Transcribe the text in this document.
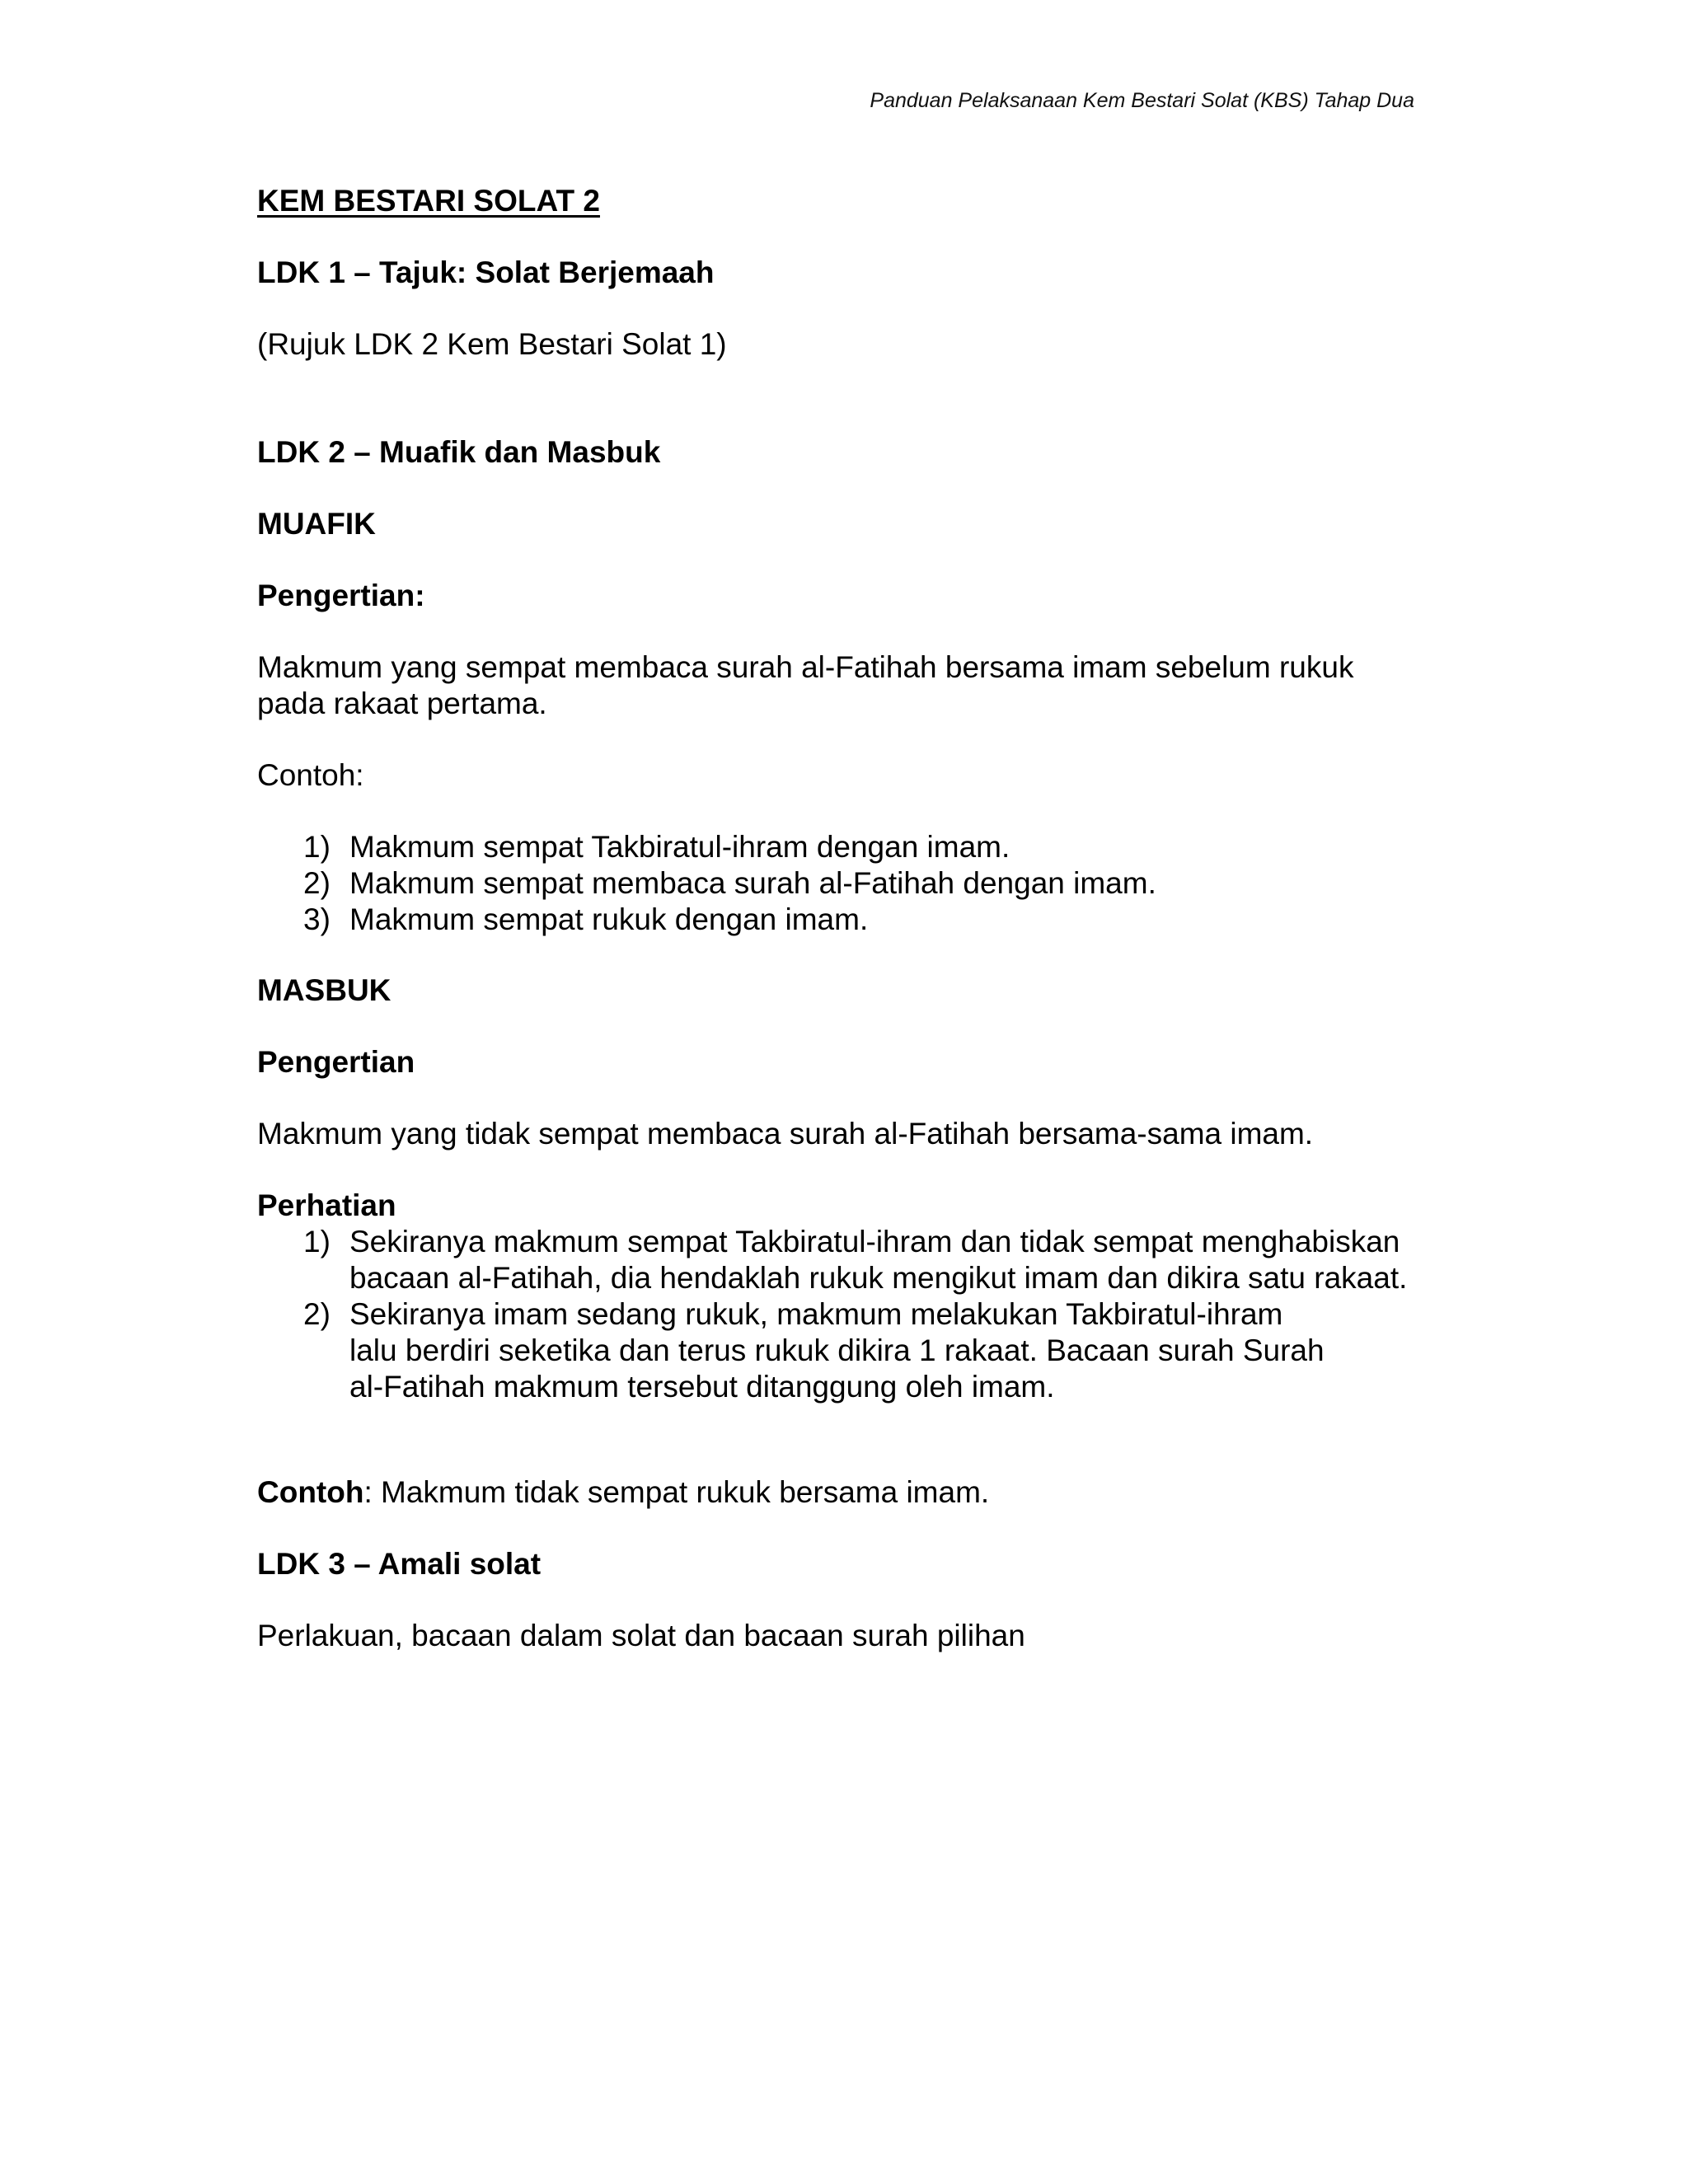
Panduan Pelaksanaan Kem Bestari Solat (KBS) Tahap Dua
KEM BESTARI SOLAT 2
LDK 1 – Tajuk: Solat Berjemaah
(Rujuk LDK 2 Kem Bestari Solat 1)
LDK 2 – Muafik dan Masbuk
MUAFIK
Pengertian:
Makmum yang sempat membaca surah al-Fatihah bersama imam sebelum rukuk pada rakaat pertama.
Contoh:
1) Makmum sempat Takbiratul-ihram dengan imam.
2) Makmum sempat membaca surah al-Fatihah dengan imam.
3) Makmum sempat rukuk dengan imam.
MASBUK
Pengertian
Makmum yang tidak sempat membaca surah al-Fatihah bersama-sama imam.
Perhatian
1) Sekiranya makmum sempat Takbiratul-ihram dan tidak sempat menghabiskan bacaan al-Fatihah, dia hendaklah rukuk mengikut imam dan dikira satu rakaat.
2) Sekiranya imam sedang rukuk, makmum melakukan Takbiratul-ihram lalu berdiri seketika dan terus rukuk dikira 1 rakaat. Bacaan surah Surah al-Fatihah makmum tersebut ditanggung oleh imam.
Contoh: Makmum tidak sempat rukuk bersama imam.
LDK 3 – Amali solat
Perlakuan, bacaan dalam solat dan bacaan surah pilihan
